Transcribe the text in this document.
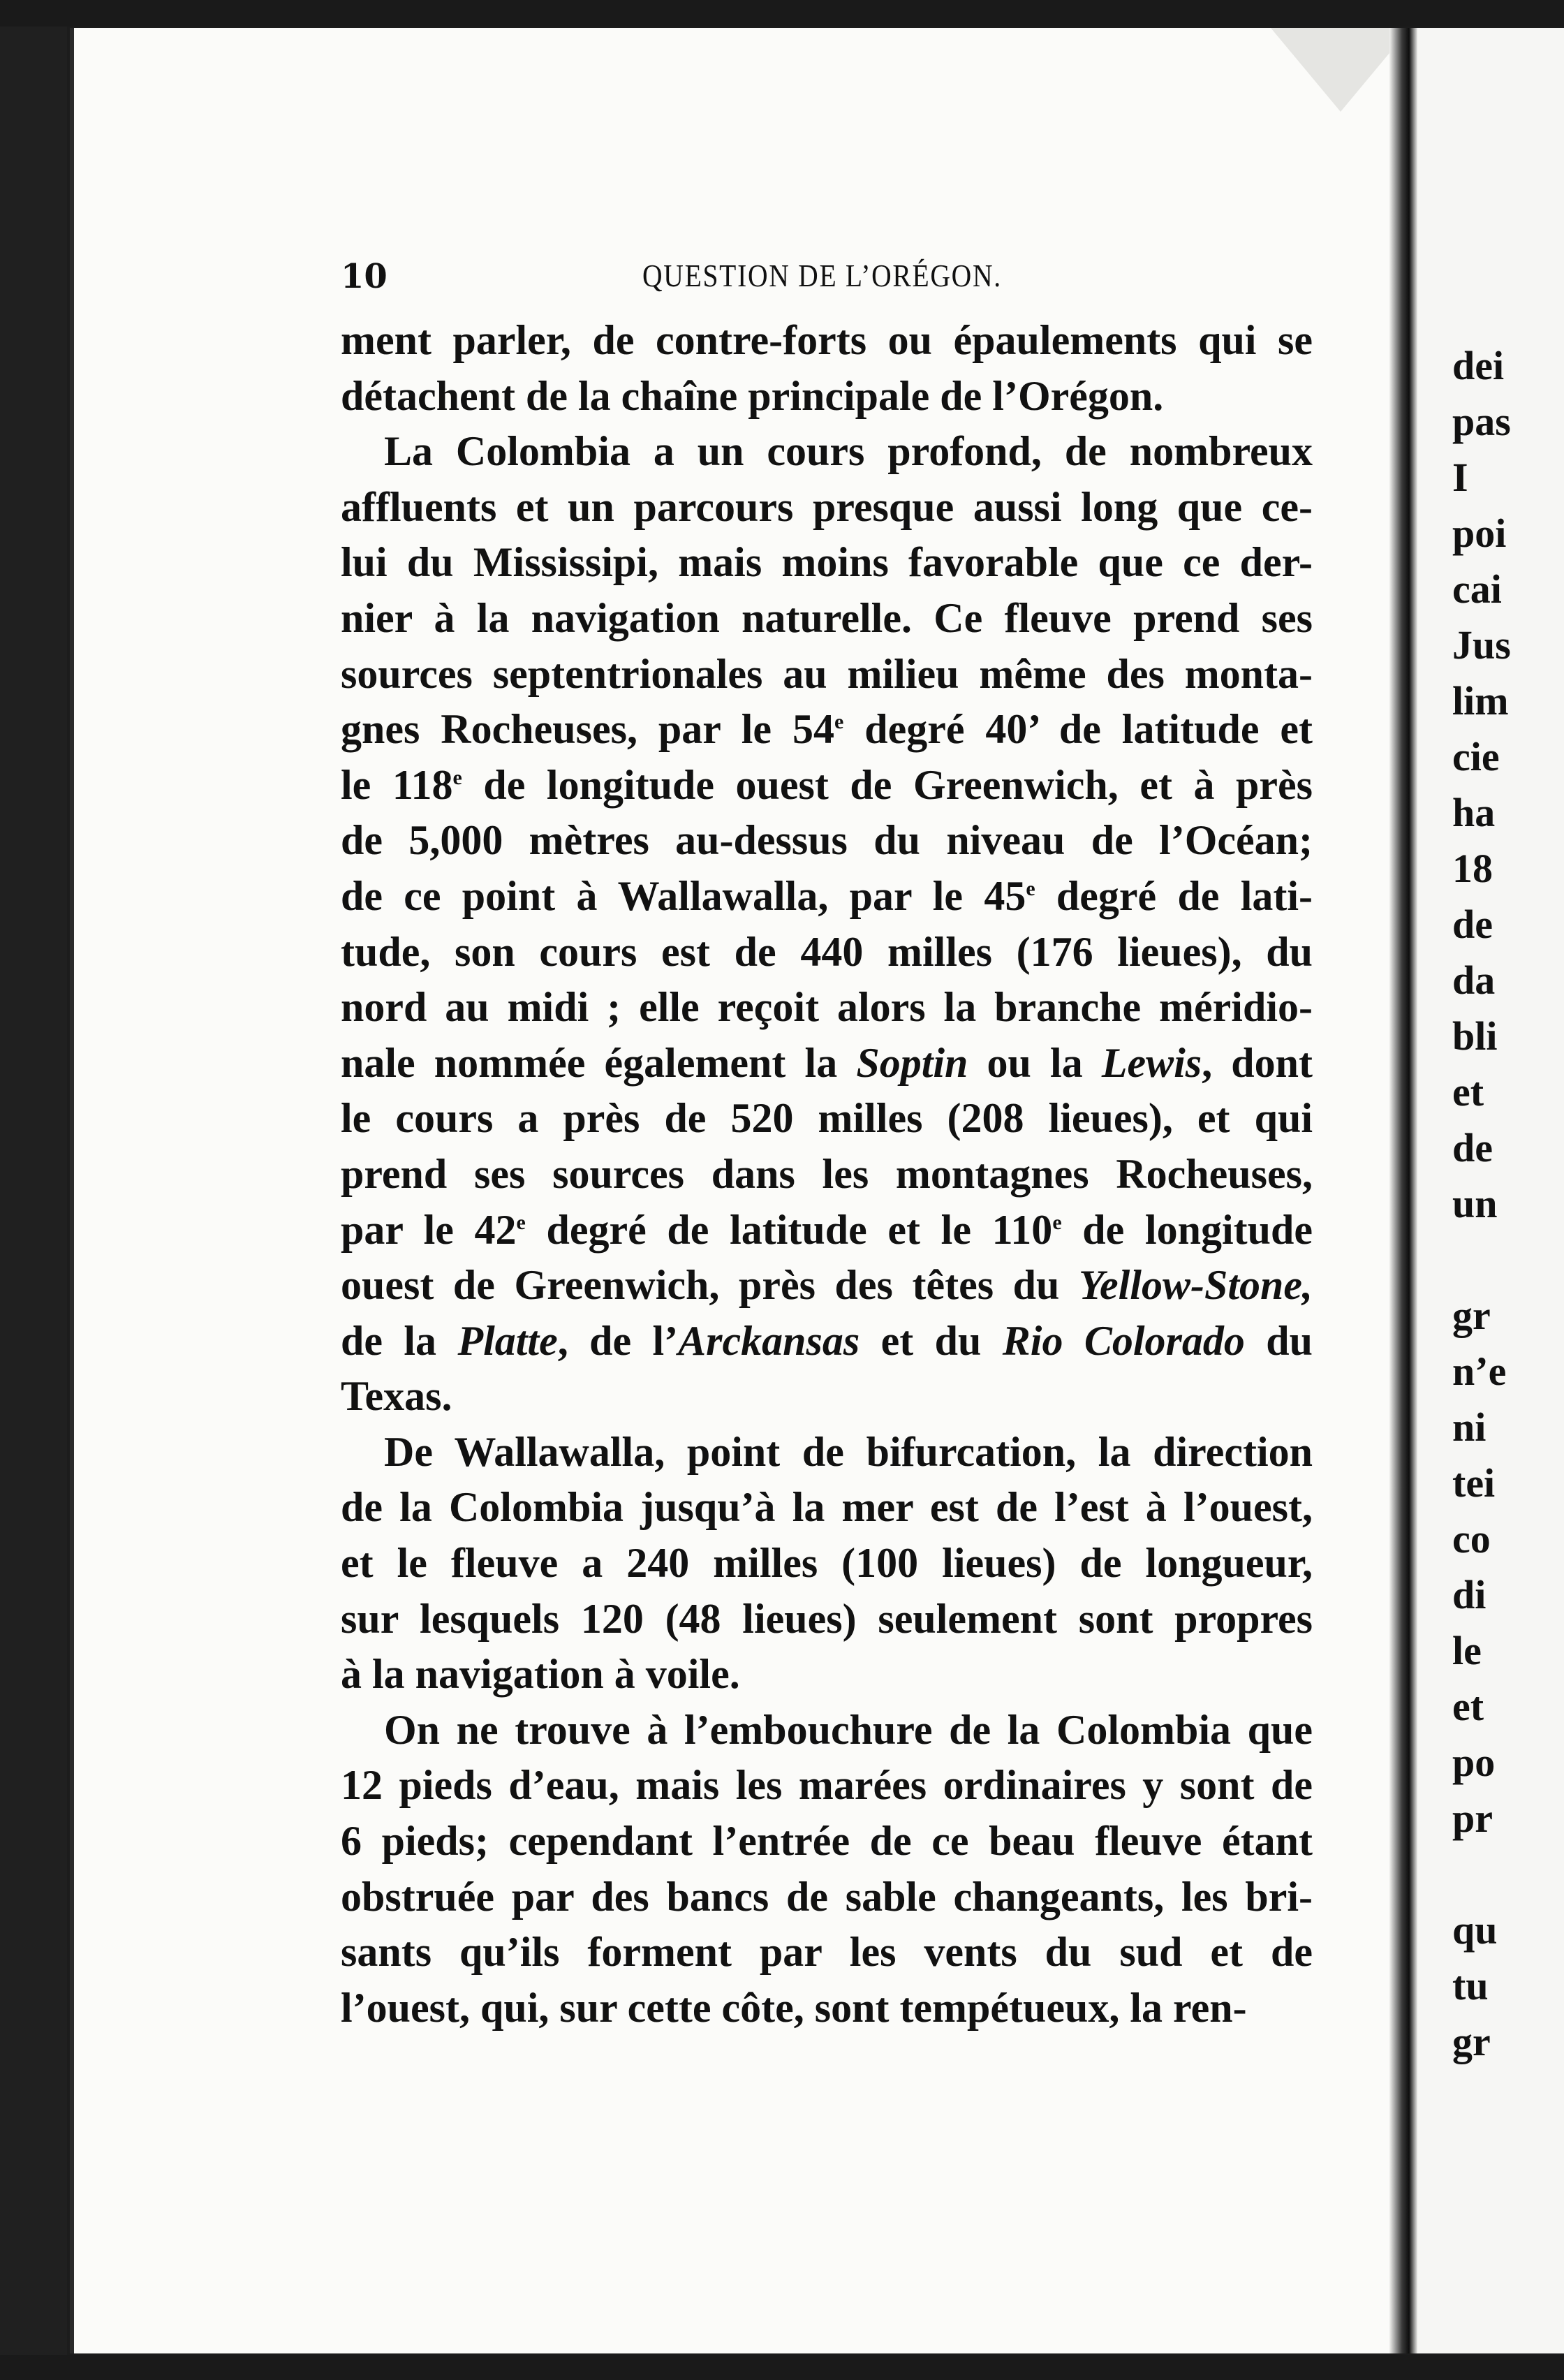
dei
pas
I
poi
cai
Jus
lim
cie
ha
18
de
da
bli
et
de
un
gr
n’e
ni
tei
co
di
le
et
po
pr
qu
tu
gr
10	QUESTION DE L’ORÉGON.
ment parler, de contre-forts ou épaulements qui se
détachent de la chaîne principale de l’Orégon.
La Colombia a un cours profond, de nombreux
affluents et un parcours presque aussi long que ce-
lui du Mississipi, mais moins favorable que ce der-
nier à la navigation naturelle. Ce fleuve prend ses
sources septentrionales au milieu même des monta-
gnes Rocheuses, par le 54e degré 40’ de latitude et
le 118e de longitude ouest de Greenwich, et à près
de 5,000 mètres au-dessus du niveau de l’Océan;
de ce point à Wallawalla, par le 45e degré de lati-
tude, son cours est de 440 milles (176 lieues), du
nord au midi ; elle reçoit alors la branche méridio-
nale nommée également la Soptin ou la Lewis, dont
le cours a près de 520 milles (208 lieues), et qui
prend ses sources dans les montagnes Rocheuses,
par le 42e degré de latitude et le 110e de longitude
ouest de Greenwich, près des têtes du Yellow-Stone,
de la Platte, de l’Arckansas et du Rio Colorado du
Texas.
De Wallawalla, point de bifurcation, la direction
de la Colombia jusqu’à la mer est de l’est à l’ouest,
et le fleuve a 240 milles (100 lieues) de longueur,
sur lesquels 120 (48 lieues) seulement sont propres
à la navigation à voile.
On ne trouve à l’embouchure de la Colombia que
12 pieds d’eau, mais les marées ordinaires y sont de
6 pieds; cependant l’entrée de ce beau fleuve étant
obstruée par des bancs de sable changeants, les bri-
sants qu’ils forment par les vents du sud et de
l’ouest, qui, sur cette côte, sont tempétueux, la ren-
